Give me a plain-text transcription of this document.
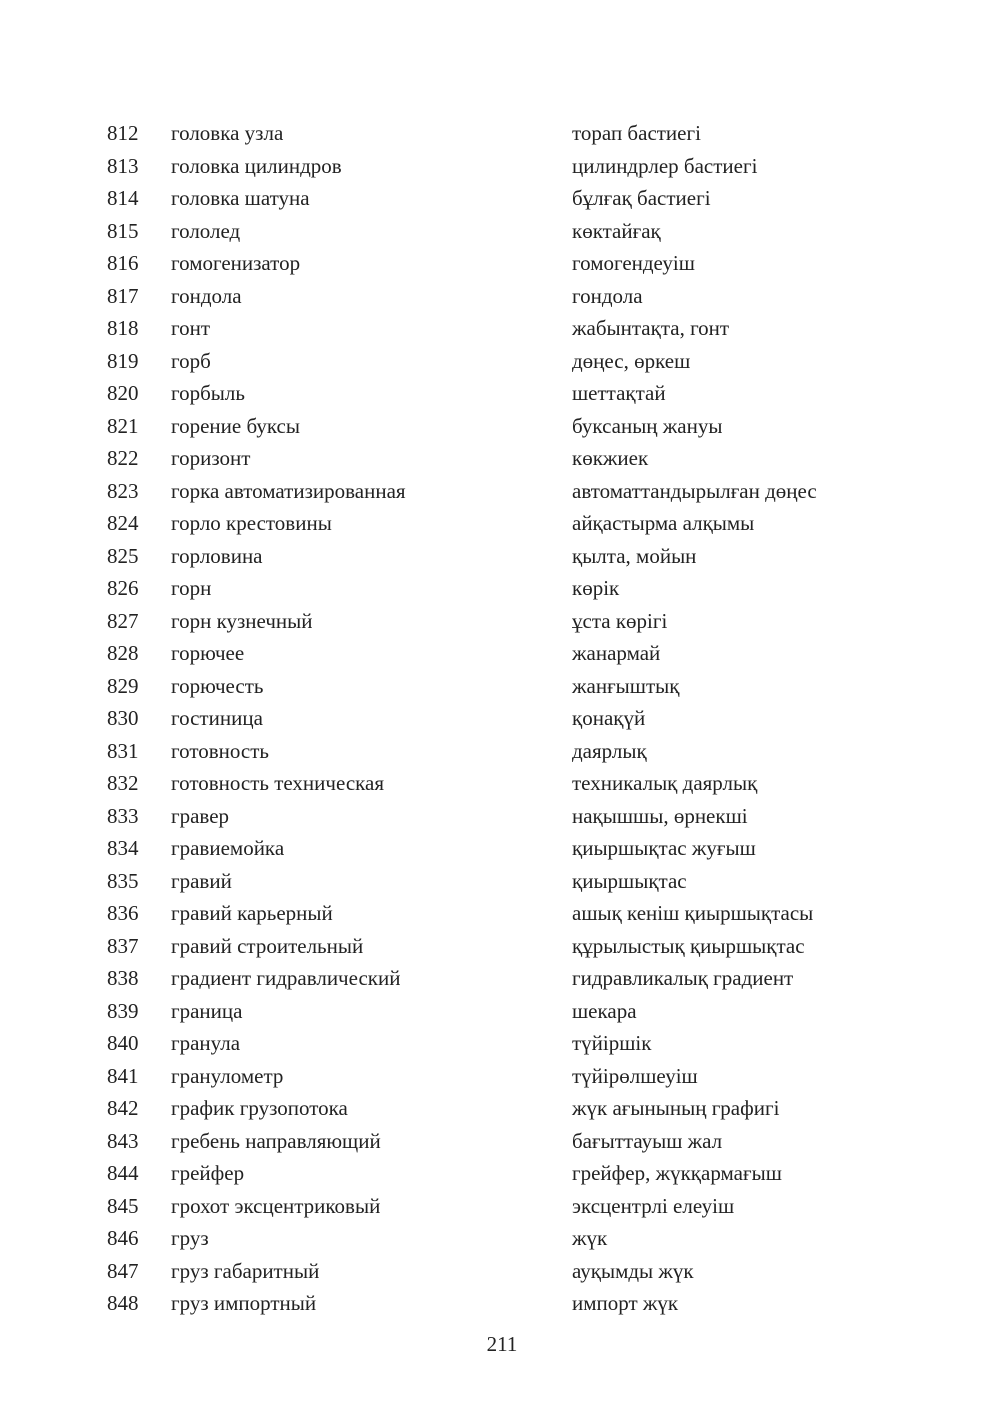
812 головка узла	торап бастиегі
813 головка цилиндров	цилиндрлер бастиегі
814 головка шатуна	бұлғақ бастиегі
815 гололед	көктайғақ
816 гомогенизатор	гомогендеуіш
817 гондола	гондола
818 гонт	жабынтақта, гонт
819 горб	дөңес, өркеш
820 горбыль	шеттақтай
821 горение буксы	буксаның жануы
822 горизонт	көкжиек
823 горка автоматизированная	автоматтандырылған дөңес
824 горло крестовины	айқастырма алқымы
825 горловина	қылта, мойын
826 горн	көрік
827 горн кузнечный	ұста көрігі
828 горючее	жанармай
829 горючесть	жанғыштық
830 гостиница	қонақүй
831 готовность	даярлық
832 готовность техническая	техникалық даярлық
833 гравер	нақышшы, өрнекші
834 гравиемойка	қиыршықтас жуғыш
835 гравий	қиыршықтас
836 гравий карьерный	ашық кеніш қиыршықтасы
837 гравий строительный	құрылыстық қиыршықтас
838 градиент гидравлический	гидравликалық градиент
839 граница	шекара
840 гранула	түйіршік
841 гранулометр	түйірөлшеуіш
842 график грузопотока	жүк ағынының графигі
843 гребень направляющий	бағыттауыш жал
844 грейфер	грейфер, жүкқармағыш
845 грохот эксцентриковый	эксцентрлі елеуіш
846 груз	жүк
847 груз габаритный	ауқымды жүк
848 груз импортный	импорт жүк
211
